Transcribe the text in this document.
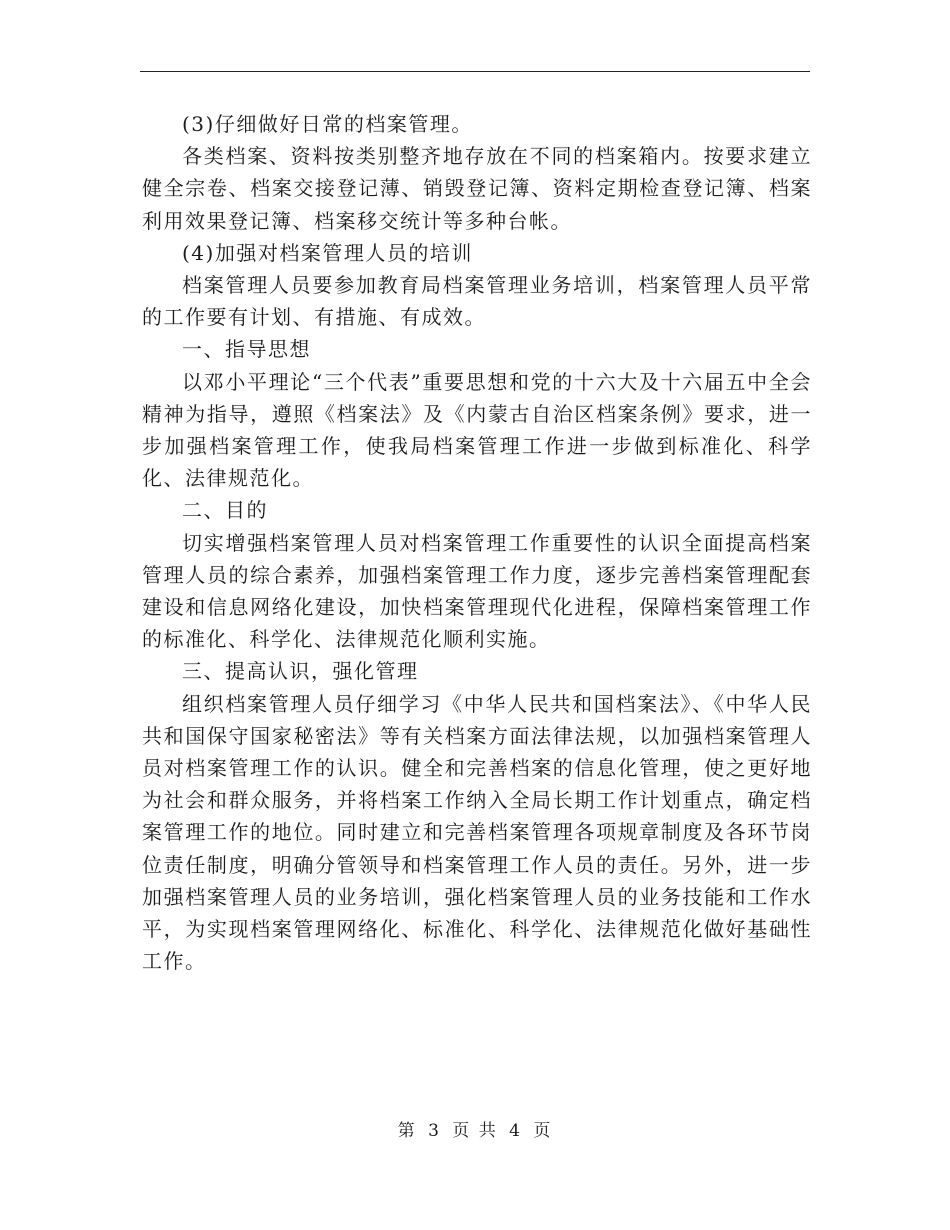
(3)仔细做好日常的档案管理。

各类档案、资料按类别整齐地存放在不同的档案箱内。按要求建立健全宗卷、档案交接登记薄、销毁登记簿、资料定期检查登记簿、档案利用效果登记簿、档案移交统计等多种台帐。

(4)加强对档案管理人员的培训

档案管理人员要参加教育局档案管理业务培训，档案管理人员平常的工作要有计划、有措施、有成效。

一、指导思想

以邓小平理论“三个代表”重要思想和党的十六大及十六届五中全会精神为指导，遵照《档案法》及《内蒙古自治区档案条例》要求，进一步加强档案管理工作，使我局档案管理工作进一步做到标准化、科学化、法律规范化。

二、目的

切实增强档案管理人员对档案管理工作重要性的认识全面提高档案管理人员的综合素养，加强档案管理工作力度，逐步完善档案管理配套建设和信息网络化建设，加快档案管理现代化进程，保障档案管理工作的标准化、科学化、法律规范化顺利实施。

三、提高认识，强化管理

组织档案管理人员仔细学习《中华人民共和国档案法》、《中华人民共和国保守国家秘密法》等有关档案方面法律法规，以加强档案管理人员对档案管理工作的认识。健全和完善档案的信息化管理，使之更好地为社会和群众服务，并将档案工作纳入全局长期工作计划重点，确定档案管理工作的地位。同时建立和完善档案管理各项规章制度及各环节岗位责任制度，明确分管领导和档案管理工作人员的责任。另外，进一步加强档案管理人员的业务培训，强化档案管理人员的业务技能和工作水平，为实现档案管理网络化、标准化、科学化、法律规范化做好基础性工作。

第 3 页 共 4 页
